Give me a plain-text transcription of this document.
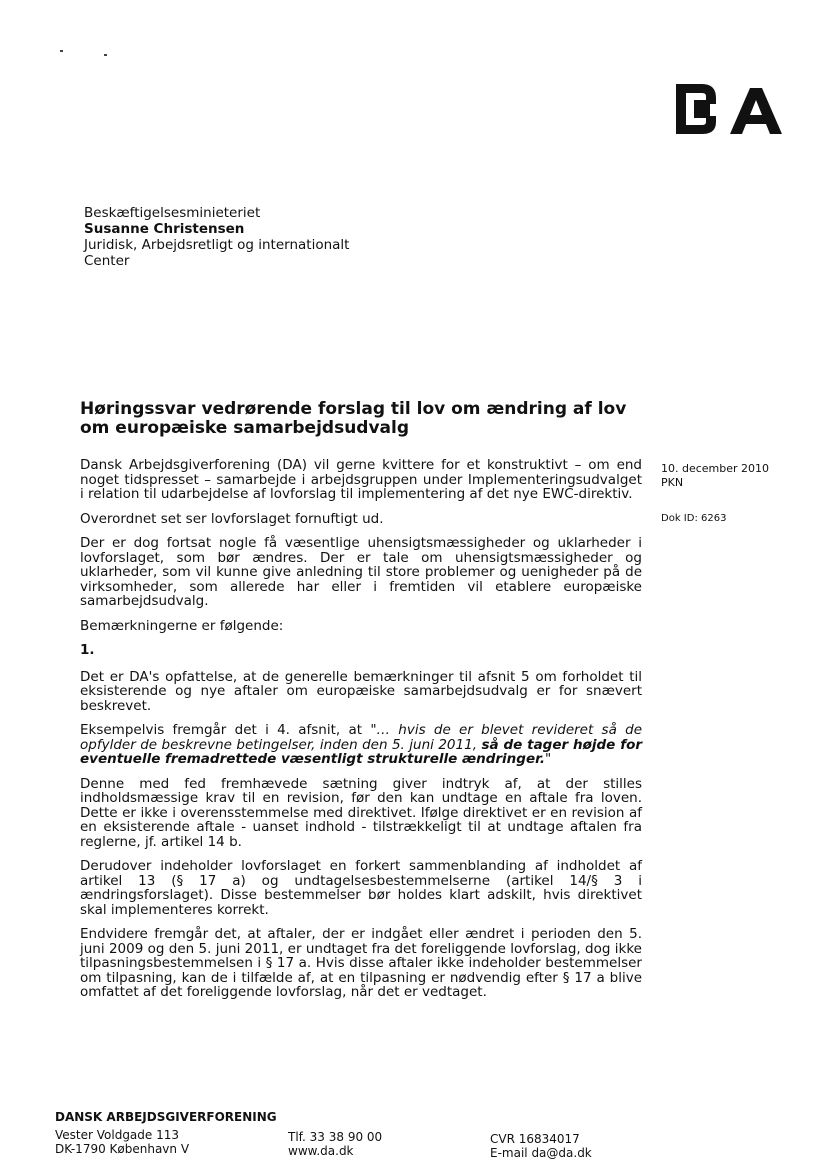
Beskæftigelsesminieteriet
Susanne Christensen
Juridisk, Arbejdsretligt og internationalt
Center
Høringssvar vedrørende forslag til lov om ændring af lov om europæiske samarbejdsudvalg
10. december 2010
PKN
Dok ID: 6263

Dansk Arbejdsgiverforening (DA) vil gerne kvittere for et konstruktivt – om end noget tidspresset – samarbejde i arbejdsgruppen under Implementeringsudvalget i relation til udarbejdelse af lovforslag til implementering af det nye EWC-direktiv.

Overordnet set ser lovforslaget fornuftigt ud.

Der er dog fortsat nogle få væsentlige uhensigtsmæssigheder og uklarheder i lovforslaget, som bør ændres. Der er tale om uhensigtsmæssigheder og uklarheder, som vil kunne give anledning til store problemer og uenigheder på de virksomheder, som allerede har eller i fremtiden vil etablere europæiske samarbejdsudvalg.

Bemærkningerne er følgende:

1.

Det er DA's opfattelse, at de generelle bemærkninger til afsnit 5 om forholdet til eksisterende og nye aftaler om europæiske samarbejdsudvalg er for snævert beskrevet.

Eksempelvis fremgår det i 4. afsnit, at "… hvis de er blevet revideret så de opfylder de beskrevne betingelser, inden den 5. juni 2011, så de tager højde for eventuelle fremadrettede væsentligt strukturelle ændringer."

Denne med fed fremhævede sætning giver indtryk af, at der stilles indholdsmæssige krav til en revision, før den kan undtage en aftale fra loven. Dette er ikke i overensstemmelse med direktivet. Ifølge direktivet er en revision af en eksisterende aftale - uanset indhold - tilstrækkeligt til at undtage aftalen fra reglerne, jf. artikel 14 b.

Derudover indeholder lovforslaget en forkert sammenblanding af indholdet af artikel 13 (§ 17 a) og undtagelsesbestemmelserne (artikel 14/§ 3 i ændringsforslaget). Disse bestemmelser bør holdes klart adskilt, hvis direktivet skal implementeres korrekt.

Endvidere fremgår det, at aftaler, der er indgået eller ændret i perioden den 5. juni 2009 og den 5. juni 2011, er undtaget fra det foreliggende lovforslag, dog ikke tilpasningsbestemmelsen i § 17 a. Hvis disse aftaler ikke indeholder bestemmelser om tilpasning, kan de i tilfælde af, at en tilpasning er nødvendig efter § 17 a blive omfattet af det foreliggende lovforslag, når det er vedtaget.

DANSK ARBEJDSGIVERFORENING
Vester Voldgade 113
DK-1790 København V
Tlf. 33 38 90 00
www.da.dk
CVR 16834017
E-mail da@da.dk
